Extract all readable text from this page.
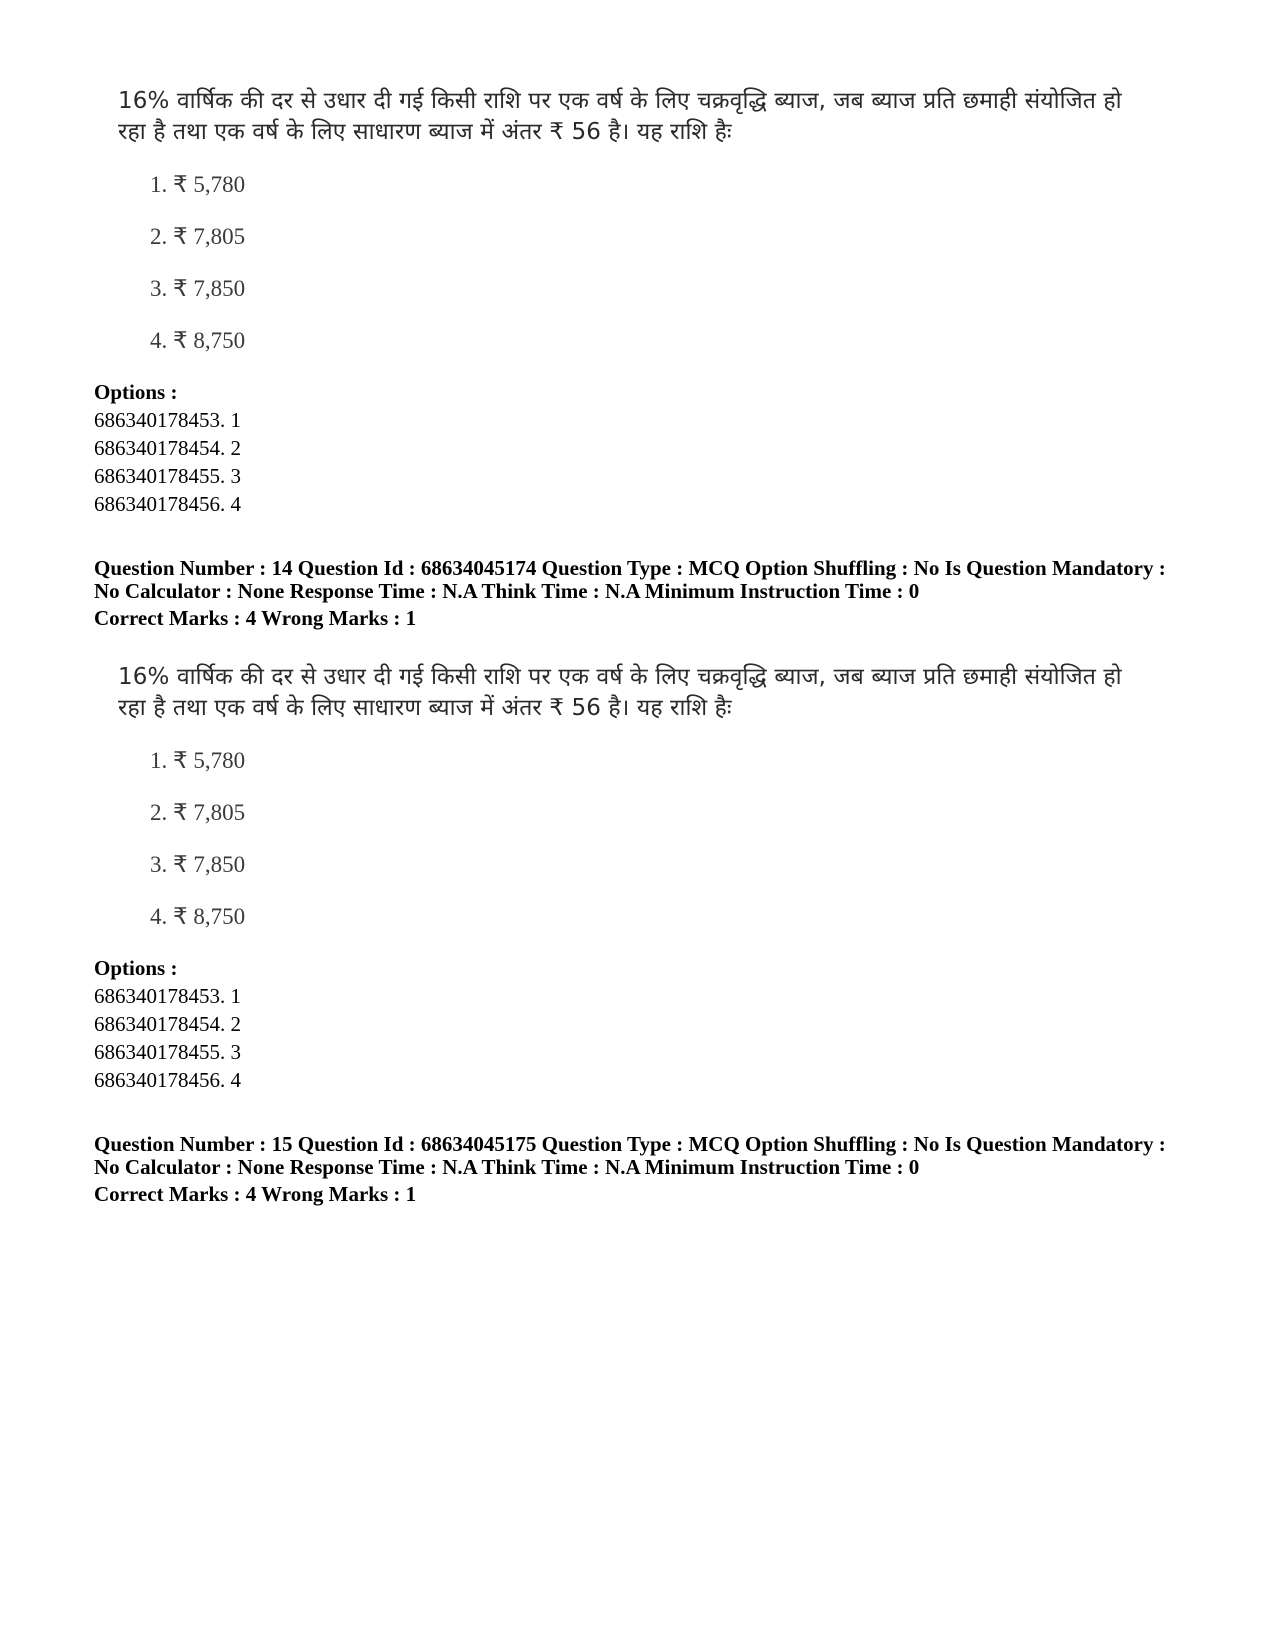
16% वार्षिक की दर से उधार दी गई किसी राशि पर एक वर्ष के लिए चक्रवृद्धि ब्याज, जब ब्याज प्रति छमाही संयोजित हो
रहा है तथा एक वर्ष के लिए साधारण ब्याज में अंतर ₹ 56 है। यह राशि हैः
1. ₹ 5,780
2. ₹ 7,805
3. ₹ 7,850
4. ₹ 8,750
Options :
686340178453. 1
686340178454. 2
686340178455. 3
686340178456. 4
Question Number : 14 Question Id : 68634045174 Question Type : MCQ Option Shuffling : No Is Question Mandatory :
No Calculator : None Response Time : N.A Think Time : N.A Minimum Instruction Time : 0
Correct Marks : 4 Wrong Marks : 1
16% वार्षिक की दर से उधार दी गई किसी राशि पर एक वर्ष के लिए चक्रवृद्धि ब्याज, जब ब्याज प्रति छमाही संयोजित हो
रहा है तथा एक वर्ष के लिए साधारण ब्याज में अंतर ₹ 56 है। यह राशि हैः
1. ₹ 5,780
2. ₹ 7,805
3. ₹ 7,850
4. ₹ 8,750
Options :
686340178453. 1
686340178454. 2
686340178455. 3
686340178456. 4
Question Number : 15 Question Id : 68634045175 Question Type : MCQ Option Shuffling : No Is Question Mandatory :
No Calculator : None Response Time : N.A Think Time : N.A Minimum Instruction Time : 0
Correct Marks : 4 Wrong Marks : 1
